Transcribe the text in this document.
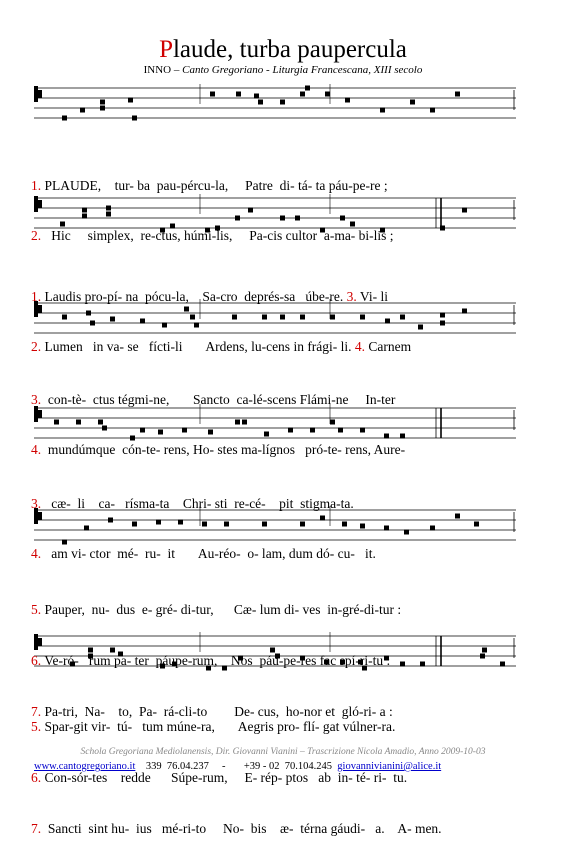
Plaude, turba paupercula
INNO – Canto Gregoriano - Liturgia Francescana, XIII secolo

1. PLAUDE,    tur- ba  pau-pércu-la,     Patre  di- tá- ta páu-pe-re ;

2.   Hic     simplex,  re-ctus, húmi-lis,     Pa-cis cultor  a-ma- bi-lis ;

1. Laudis pro-pí- na  pócu-la,    Sa-cro  deprés-sa   úbe-re. 3. Vi- li

2. Lumen   in va- se   fícti-li       Ardens, lu-cens in frági- li. 4. Carnem

3.  con-tè-  ctus tégmi-ne,       Sancto  ca-lé-scens Flámi-ne     In-ter

4.  mundúmque  cón-te- rens, Ho- stes ma-lígnos   pró-te- rens, Aure-

3.   cæ-  li    ca-   rísma-ta    Chri- sti  re-cé-    pit  stigma-ta.

4.   am vi- ctor  mé-  ru-  it       Au-réo-  o- lam, dum dó- cu-   it.

5. Pauper,  nu-  dus  e- gré- di-tur,      Cæ- lum di- ves  in-gré-di-tur :

6. Ve-ró-   rum pa- ter  páupe-rum,    Nos  páu-pe-res fac spí-ri-tu :

7. Pa-tri,  Na-    to,  Pa-  rá-cli-to        De- cus,  ho-nor et  gló-ri- a :

5. Spar-git vir-  tú-   tum múne-ra,       Aegris pro- flí- gat vúlner-ra.

6. Con-sór-tes    redde      Súpe-rum,     E- rép- ptos   ab  in- té- ri-  tu.

7.  Sancti  sint hu-  ius   mé-ri-to     No-  bis    æ-  térna gáudi-   a.    A- men.

Schola Gregoriana Mediolanensis, Dir. Giovanni Vianini – Trascrizione Nicola Amadio, Anno 2009-10-03
www.cantogregoriano.it 339  76.04.237 - +39 - 02  70.104.245 giovannivianini@alice.it
